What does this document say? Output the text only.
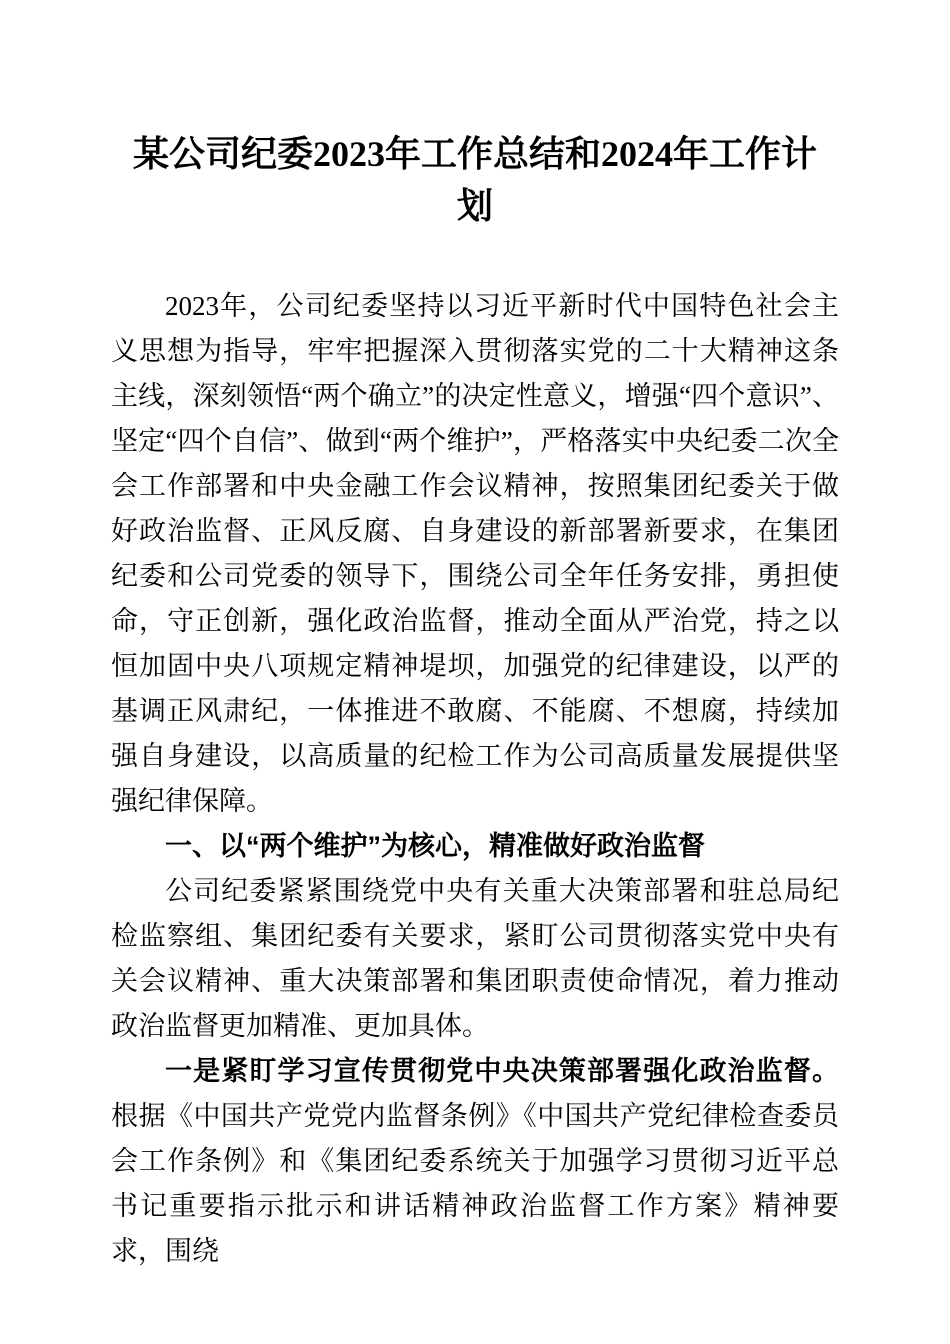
某公司纪委2023年工作总结和2024年工作计
划

2023年，公司纪委坚持以习近平新时代中国特色社会主义思想为指导，牢牢把握深入贯彻落实党的二十大精神这条主线，深刻领悟“两个确立”的决定性意义，增强“四个意识”、坚定“四个自信”、做到“两个维护”，严格落实中央纪委二次全会工作部署和中央金融工作会议精神，按照集团纪委关于做好政治监督、正风反腐、自身建设的新部署新要求，在集团纪委和公司党委的领导下，围绕公司全年任务安排，勇担使命，守正创新，强化政治监督，推动全面从严治党，持之以恒加固中央八项规定精神堤坝，加强党的纪律建设，以严的基调正风肃纪，一体推进不敢腐、不能腐、不想腐，持续加强自身建设，以高质量的纪检工作为公司高质量发展提供坚强纪律保障。

一、以“两个维护”为核心，精准做好政治监督

公司纪委紧紧围绕党中央有关重大决策部署和驻总局纪检监察组、集团纪委有关要求，紧盯公司贯彻落实党中央有关会议精神、重大决策部署和集团职责使命情况，着力推动政治监督更加精准、更加具体。

一是紧盯学习宣传贯彻党中央决策部署强化政治监督。根据《中国共产党党内监督条例》《中国共产党纪律检查委员会工作条例》和《集团纪委系统关于加强学习贯彻习近平总书记重要指示批示和讲话精神政治监督工作方案》精神要求，围绕
